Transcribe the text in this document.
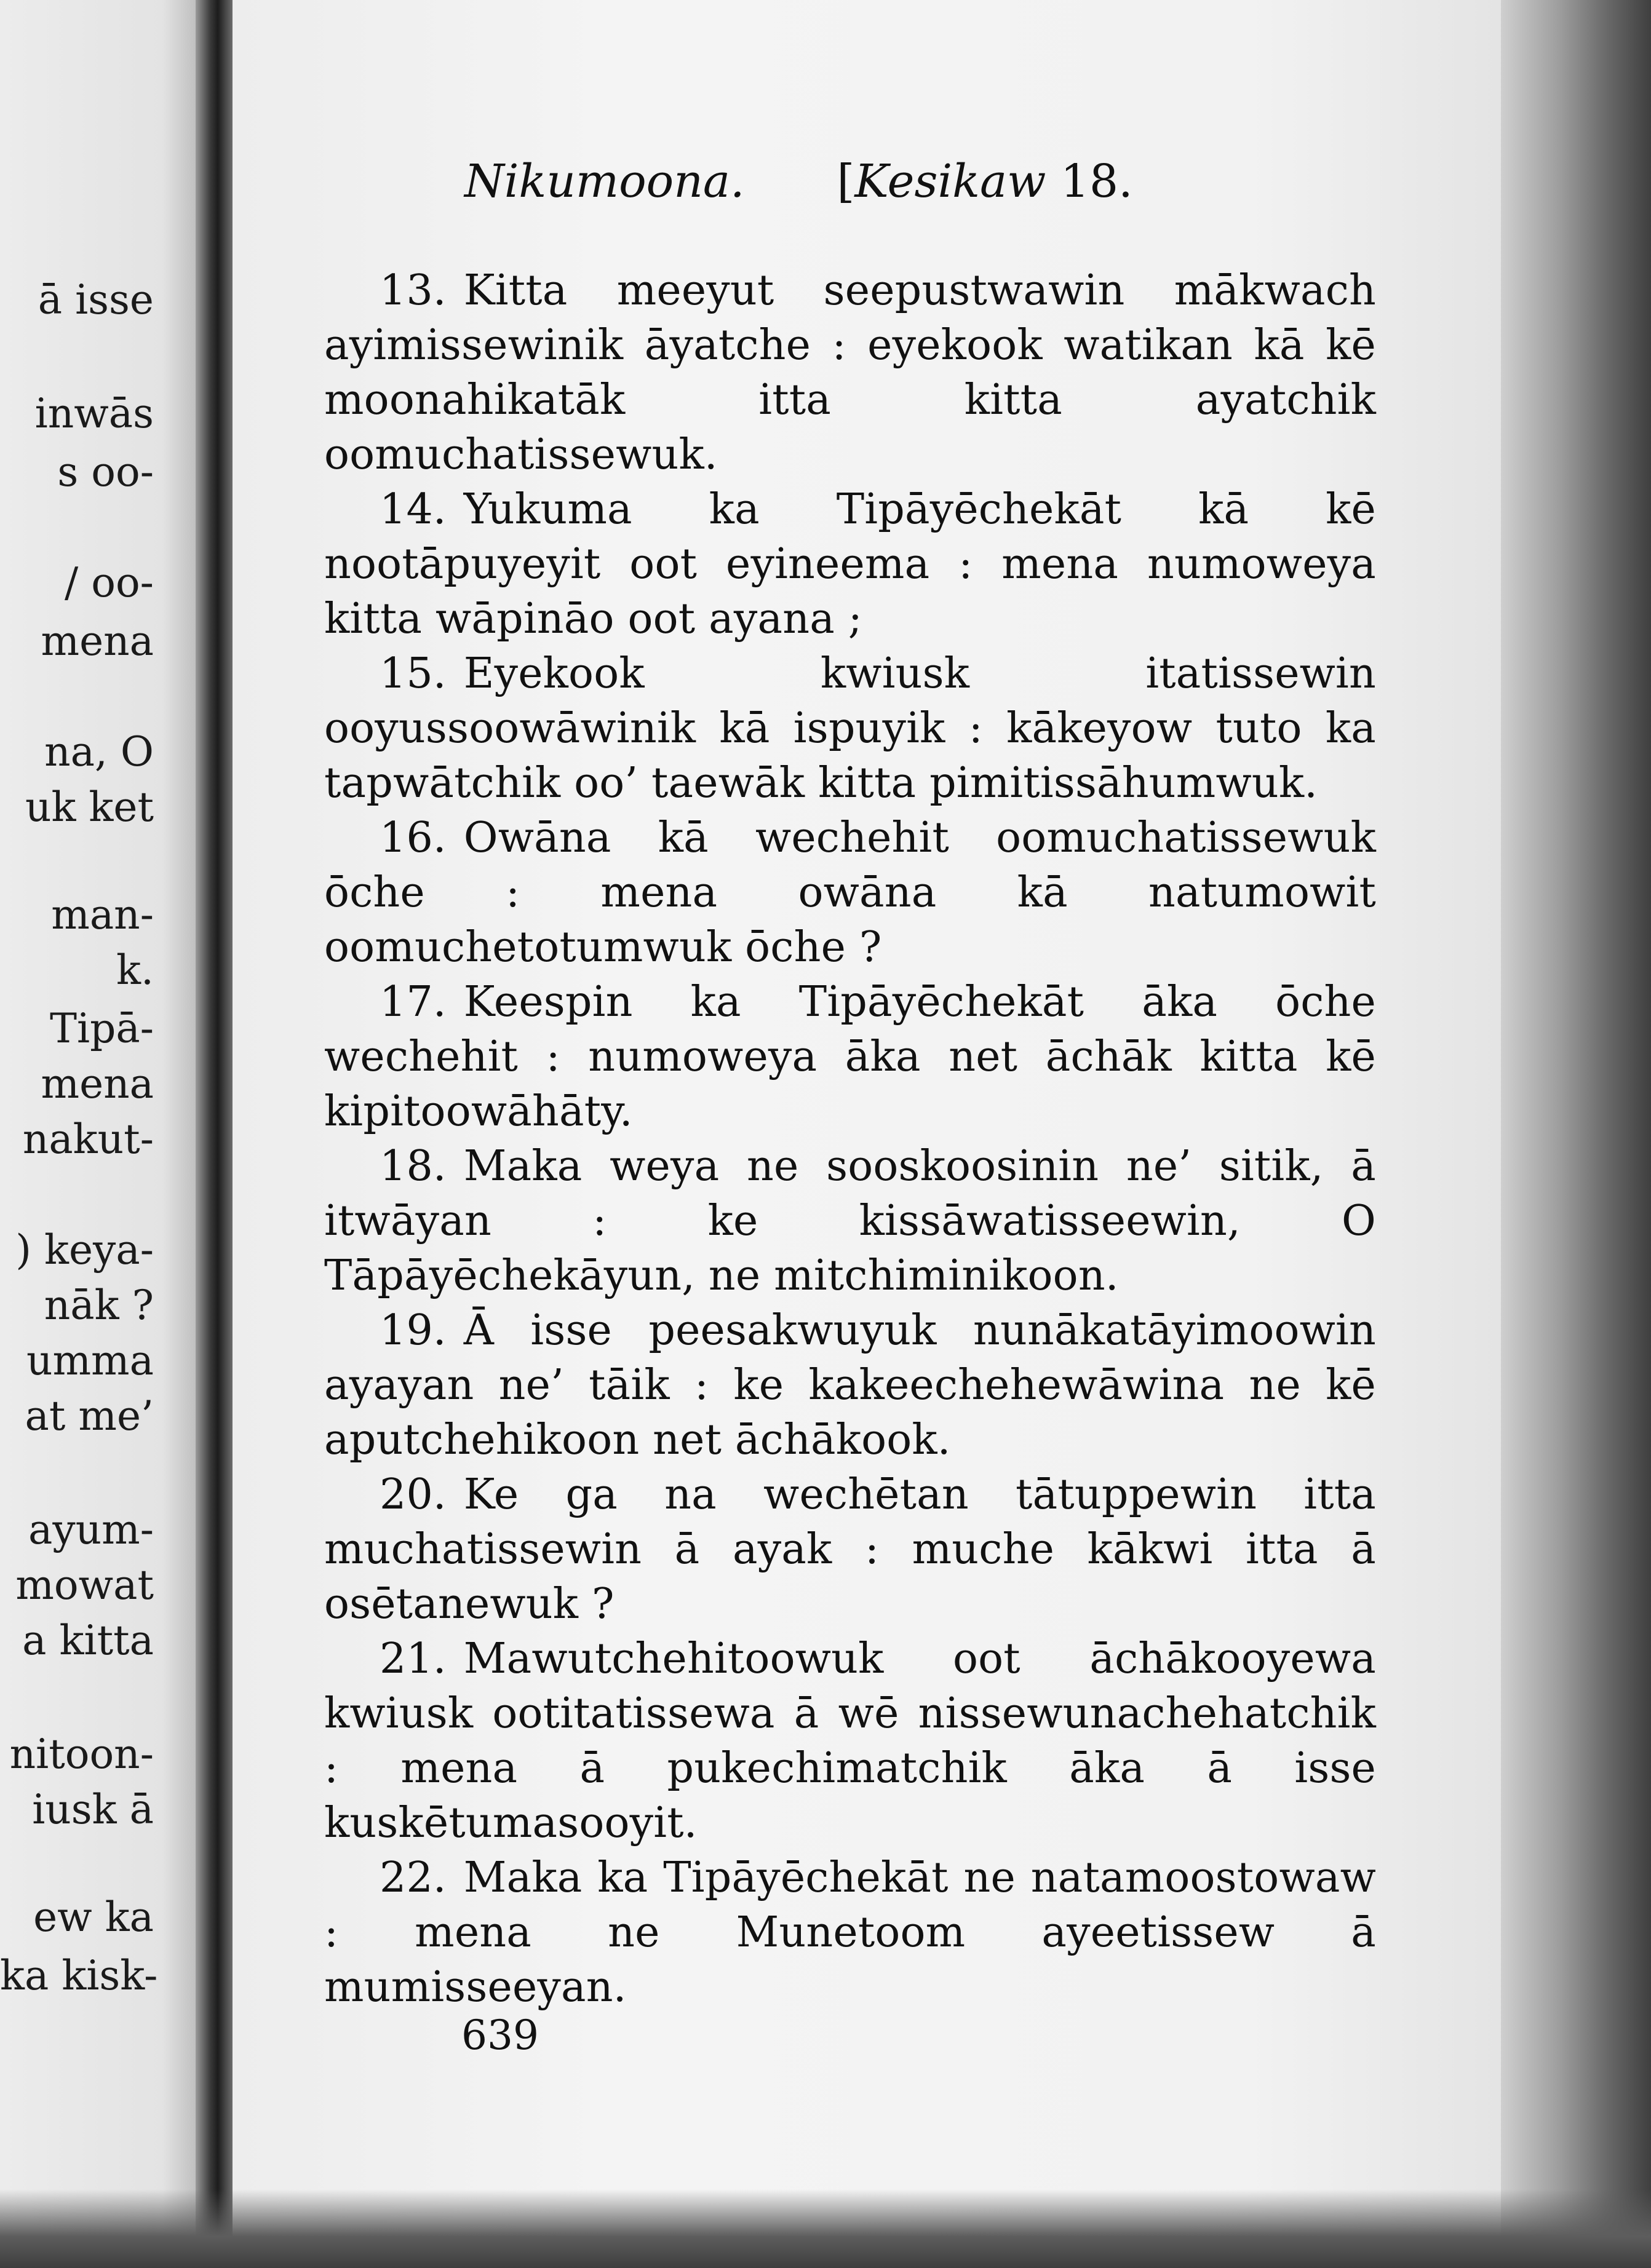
ā isse
inwās
s oo-
/ oo-
mena
na, O
uk ket
man-
k.
Tipā-
mena
nakut-
) keya-
nāk ?
umma
at me’
ayum-
mowat
a kitta
nitoon-
iusk ā
ew ka
ka kisk-
Nikumoona. [Kesikaw 18.

13. Kitta meeyut seepustwawin mākwach ayimissewinik āyatche : eyekook watikan kā kē moonahikatāk itta kitta ayatchik oomuchatissewuk.

14. Yukuma ka Tipāyēchekāt kā kē nootāpuyeyit oot eyineema : mena numoweya kitta wāpināo oot ayana ;

15. Eyekook kwiusk itatissewin ooyussoowāwinik kā ispuyik : kākeyow tuto ka tapwātchik oo’ taewāk kitta pimitissāhumwuk.

16. Owāna kā wechehit oomuchatissewuk ōche : mena owāna kā natumowit oomuchetotumwuk ōche ?

17. Keespin ka Tipāyēchekāt āka ōche wechehit : numoweya āka net āchāk kitta kē kipitoowāhāty.

18. Maka weya ne sooskoosinin ne’ sitik, ā itwāyan : ke kissāwatisseewin, O Tāpāyēchekāyun, ne mitchiminikoon.

19. Ā isse peesakwuyuk nunākatāyimoowin ayayan ne’ tāik : ke kakeechehewāwina ne kē aputchehikoon net āchākook.

20. Ke ga na wechētan tātuppewin itta muchatissewin ā ayak : muche kākwi itta ā osētanewuk ?

21. Mawutchehitoowuk oot āchākooyewa kwiusk ootitatissewa ā wē nissewunachehatchik : mena ā pukechimatchik āka ā isse kuskētumasooyit.

22. Maka ka Tipāyēchekāt ne natamoostowaw : mena ne Munetoom ayeetissew ā mumisseeyan.

639
